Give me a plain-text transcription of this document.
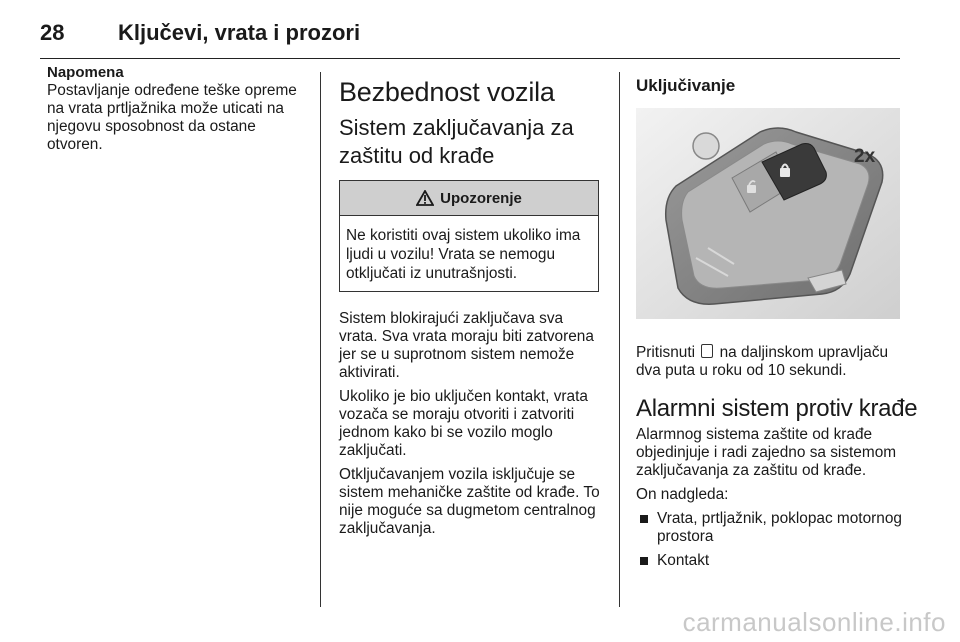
28 Ključevi, vrata i prozori
Napomena
Postavljanje određene teške opreme na vrata prtljažnika može uticati na njegovu sposobnost da ostane otvoren.
Bezbednost vozila
Sistem zaključavanja za zaštitu od krađe
Upozorenje
Ne koristiti ovaj sistem ukoliko ima ljudi u vozilu! Vrata se nemogu otključati iz unutrašnjosti.
Sistem blokirajući zaključava sva vrata. Sva vrata moraju biti zatvorena jer se u suprotnom sistem nemože aktivirati.
Ukoliko je bio uključen kontakt, vrata vozača se moraju otvoriti i zatvoriti jednom kako bi se vozilo moglo zaključati.
Otključavanjem vozila isključuje se sistem mehaničke zaštite od krađe. To nije moguće sa dugmetom centralnog zaključavanja.
Uključivanje
2x
Pritisnuti na daljinskom upravljaču dva puta u roku od 10 sekundi.
Alarmni sistem protiv krađe
Alarmnog sistema zaštite od krađe objedinjuje i radi zajedno sa sistemom zaključavanja za zaštitu od krađe.
On nadgleda:
Vrata, prtljažnik, poklopac motornog prostora
Kontakt
carmanualsonline.info
